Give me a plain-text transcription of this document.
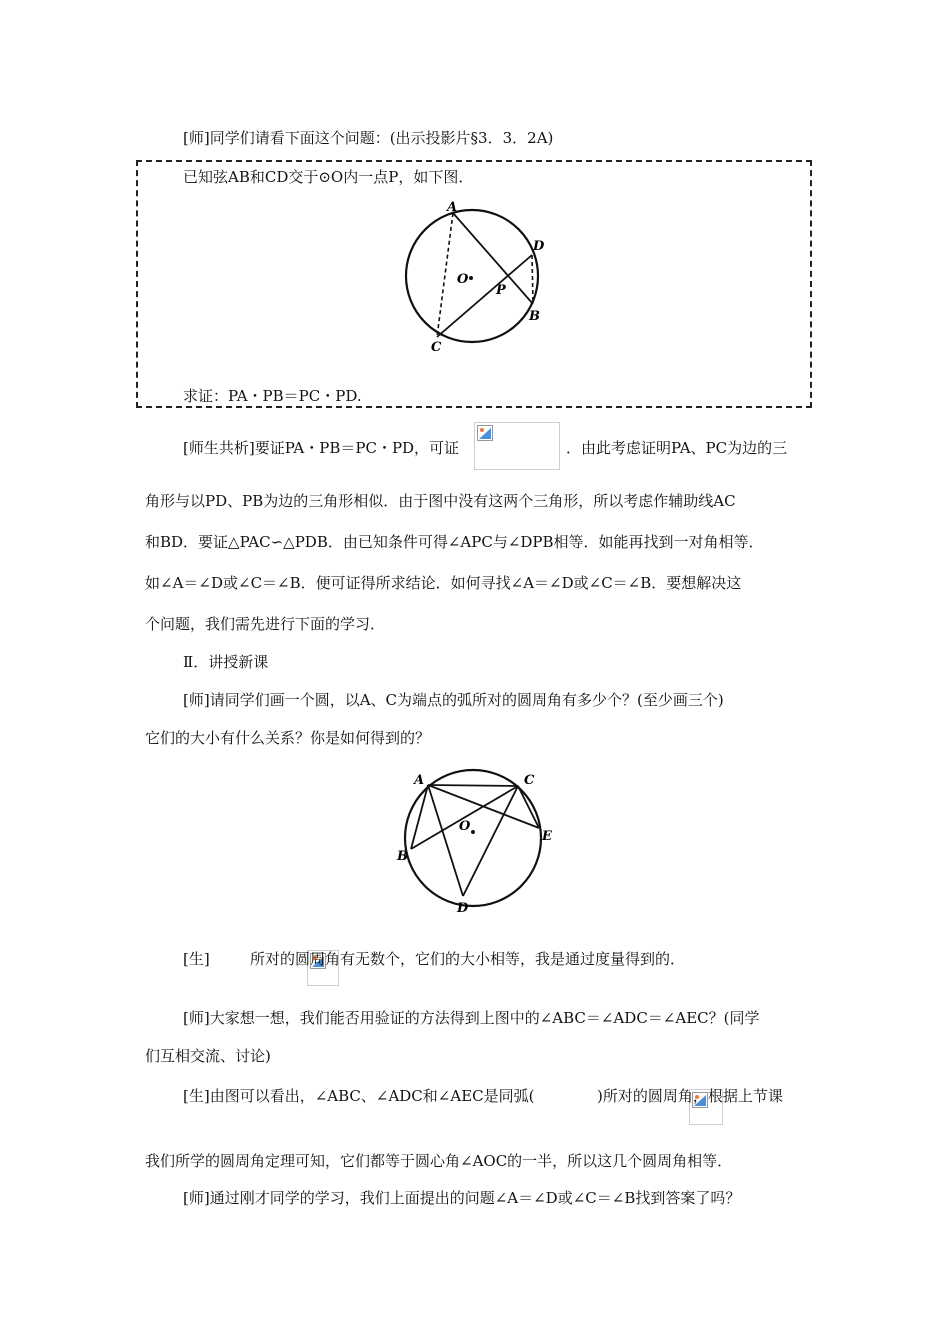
[师]同学们请看下面这个问题：(出示投影片§3．3．2A)
已知弦AB和CD交于⊙O内一点P，如下图．
A
D
O
P
B
C
求证：PA・PB＝PC・PD.
[师生共析]要证PA・PB＝PC・PD，可证
	．由此考虑证明PA、PC为边的三
角形与以PD、PB为边的三角形相似．由于图中没有这两个三角形，所以考虑作辅助线AC
和BD．要证△PAC∽△PDB．由已知条件可得∠APC与∠DPB相等．如能再找到一对角相等．
如∠A＝∠D或∠C＝∠B．便可证得所求结论．如何寻找∠A＝∠D或∠C＝∠B．要想解决这
个问题，我们需先进行下面的学习．
Ⅱ．讲授新课
[师]请同学们画一个圆，以A、C为端点的弧所对的圆周角有多少个？(至少画三个)
它们的大小有什么关系？你是如何得到的？
A	C
O
E
B
D
[生]
	所对的圆周角有无数个，它们的大小相等，我是通过度量得到的．
[师]大家想一想，我们能否用验证的方法得到上图中的∠ABC＝∠ADC＝∠AEC？(同学
们互相交流、讨论)
[生]由图可以看出，∠ABC、∠ADC和∠AEC是同弧(	)所对的圆周角，根据上节课
我们所学的圆周角定理可知，它们都等于圆心角∠AOC的一半，所以这几个圆周角相等．
[师]通过刚才同学的学习，我们上面提出的问题∠A＝∠D或∠C＝∠B找到答案了吗？
